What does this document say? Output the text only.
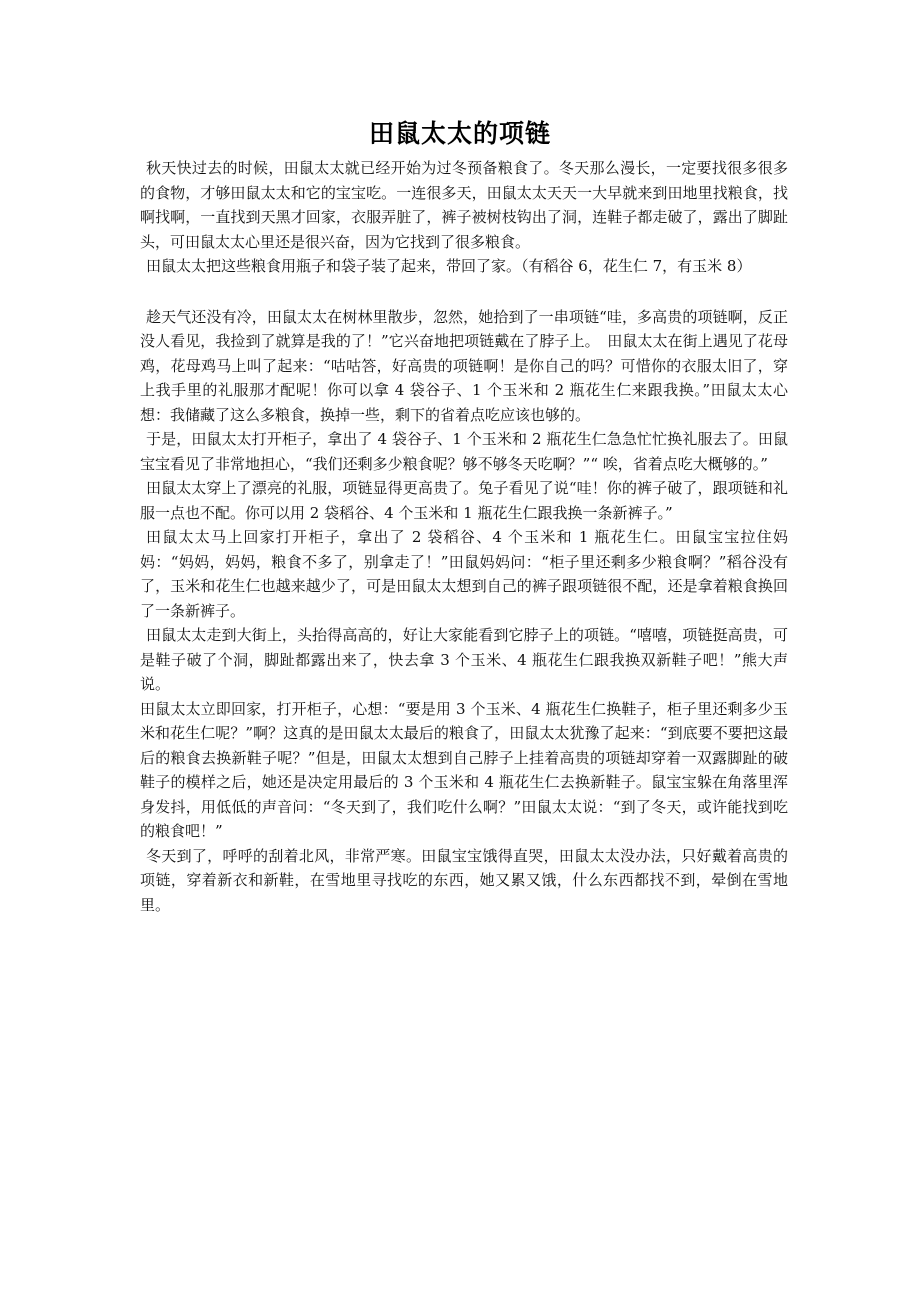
田鼠太太的项链

秋天快过去的时候，田鼠太太就已经开始为过冬预备粮食了。冬天那么漫长，一定要找很多很多的食物，才够田鼠太太和它的宝宝吃。一连很多天，田鼠太太天天一大早就来到田地里找粮食，找啊找啊，一直找到天黑才回家，衣服弄脏了，裤子被树枝钩出了洞，连鞋子都走破了，露出了脚趾头，可田鼠太太心里还是很兴奋，因为它找到了很多粮食。

田鼠太太把这些粮食用瓶子和袋子装了起来，带回了家。（有稻谷 6，花生仁 7，有玉米 8）

趁天气还没有冷，田鼠太太在树林里散步，忽然，她拾到了一串项链“哇，多高贵的项链啊，反正没人看见，我捡到了就算是我的了！”它兴奋地把项链戴在了脖子上。　田鼠太太在街上遇见了花母鸡，花母鸡马上叫了起来：“咕咕答，好高贵的项链啊！是你自己的吗？可惜你的衣服太旧了，穿上我手里的礼服那才配呢！你可以拿 4 袋谷子、1 个玉米和 2 瓶花生仁来跟我换。”田鼠太太心想：我储藏了这么多粮食，换掉一些，剩下的省着点吃应该也够的。

于是，田鼠太太打开柜子，拿出了 4 袋谷子、1 个玉米和 2 瓶花生仁急急忙忙换礼服去了。田鼠宝宝看见了非常地担心，“我们还剩多少粮食呢？够不够冬天吃啊？”“ 唉，省着点吃大概够的。”

田鼠太太穿上了漂亮的礼服，项链显得更高贵了。兔子看见了说“哇！你的裤子破了，跟项链和礼服一点也不配。你可以用 2 袋稻谷、4 个玉米和 1 瓶花生仁跟我换一条新裤子。”

田鼠太太马上回家打开柜子，拿出了 2 袋稻谷、4 个玉米和 1 瓶花生仁。田鼠宝宝拉住妈妈：“妈妈，妈妈，粮食不多了，别拿走了！”田鼠妈妈问：“柜子里还剩多少粮食啊？”稻谷没有了，玉米和花生仁也越来越少了，可是田鼠太太想到自己的裤子跟项链很不配，还是拿着粮食换回了一条新裤子。

田鼠太太走到大街上，头抬得高高的，好让大家能看到它脖子上的项链。“嘻嘻，项链挺高贵，可是鞋子破了个洞，脚趾都露出来了，快去拿 3 个玉米、4 瓶花生仁跟我换双新鞋子吧！”熊大声说。

田鼠太太立即回家，打开柜子，心想：“要是用 3 个玉米、4 瓶花生仁换鞋子，柜子里还剩多少玉米和花生仁呢？”啊？这真的是田鼠太太最后的粮食了，田鼠太太犹豫了起来：“到底要不要把这最后的粮食去换新鞋子呢？”但是，田鼠太太想到自己脖子上挂着高贵的项链却穿着一双露脚趾的破鞋子的模样之后，她还是决定用最后的 3 个玉米和 4 瓶花生仁去换新鞋子。鼠宝宝躲在角落里浑身发抖，用低低的声音问：“冬天到了，我们吃什么啊？”田鼠太太说：“到了冬天，或许能找到吃的粮食吧！”

冬天到了，呼呼的刮着北风，非常严寒。田鼠宝宝饿得直哭，田鼠太太没办法，只好戴着高贵的项链，穿着新衣和新鞋，在雪地里寻找吃的东西，她又累又饿，什么东西都找不到，晕倒在雪地里。
